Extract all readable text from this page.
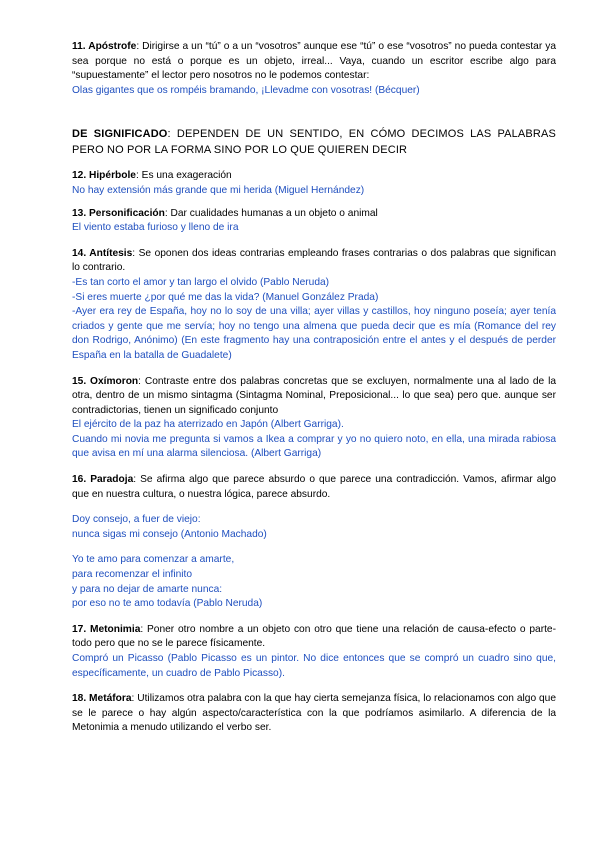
11. Apóstrofe: Dirigirse a un “tú” o a un “vosotros” aunque ese “tú” o ese “vosotros” no pueda contestar ya sea porque no está o porque es un objeto, irreal... Vaya, cuando un escritor escribe algo para “supuestamente” el lector pero nosotros no le podemos contestar:

Olas gigantes que os rompéis bramando, ¡Llevadme con vosotras! (Bécquer)

DE SIGNIFICADO: DEPENDEN DE UN SENTIDO, EN CÓMO DECIMOS LAS PALABRAS PERO NO POR LA FORMA SINO POR LO QUE QUIEREN DECIR

12. Hipérbole: Es una exageración

No hay extensión más grande que mi herida (Miguel Hernández)

13. Personificación: Dar cualidades humanas a un objeto o animal

El viento estaba furioso y lleno de ira

14. Antítesis: Se oponen dos ideas contrarias empleando frases contrarias o dos palabras que significan lo contrario.

-Es tan corto el amor y tan largo el olvido (Pablo Neruda)

-Si eres muerte ¿por qué me das la vida? (Manuel González Prada)

-Ayer era rey de España, hoy no lo soy de una villa; ayer villas y castillos, hoy ninguno poseía; ayer tenía criados y gente que me servía; hoy no tengo una almena que pueda decir que es mía (Romance del rey don Rodrigo, Anónimo) (En este fragmento hay una contraposición entre el antes y el después de perder España en la batalla de Guadalete)

15. Oxímoron: Contraste entre dos palabras concretas que se excluyen, normalmente una al lado de la otra, dentro de un mismo sintagma (Sintagma Nominal, Preposicional... lo que sea) pero que. aunque ser contradictorias, tienen un significado conjunto

El ejército de la paz ha aterrizado en Japón (Albert Garriga).

Cuando mi novia me pregunta si vamos a Ikea a comprar y yo no quiero noto, en ella, una mirada rabiosa que avisa en mí una alarma silenciosa. (Albert Garriga)

16. Paradoja: Se afirma algo que parece absurdo o que parece una contradicción. Vamos, afirmar algo que en nuestra cultura, o nuestra lógica, parece absurdo.

Doy consejo, a fuer de viejo:

nunca sigas mi consejo (Antonio Machado)

Yo te amo para comenzar a amarte,

para recomenzar el infinito

y para no dejar de amarte nunca:

por eso no te amo todavía (Pablo Neruda)

17. Metonimia: Poner otro nombre a un objeto con otro que tiene una relación de causa-efecto o parte-todo pero que no se le parece físicamente.

Compró un Picasso (Pablo Picasso es un pintor. No dice entonces que se compró un cuadro sino que, específicamente, un cuadro de Pablo Picasso).

18. Metáfora: Utilizamos otra palabra con la que hay cierta semejanza física, lo relacionamos con algo que se le parece o hay algún aspecto/característica con la que podríamos asimilarlo. A diferencia de la Metonimia a menudo utilizando el verbo ser.
